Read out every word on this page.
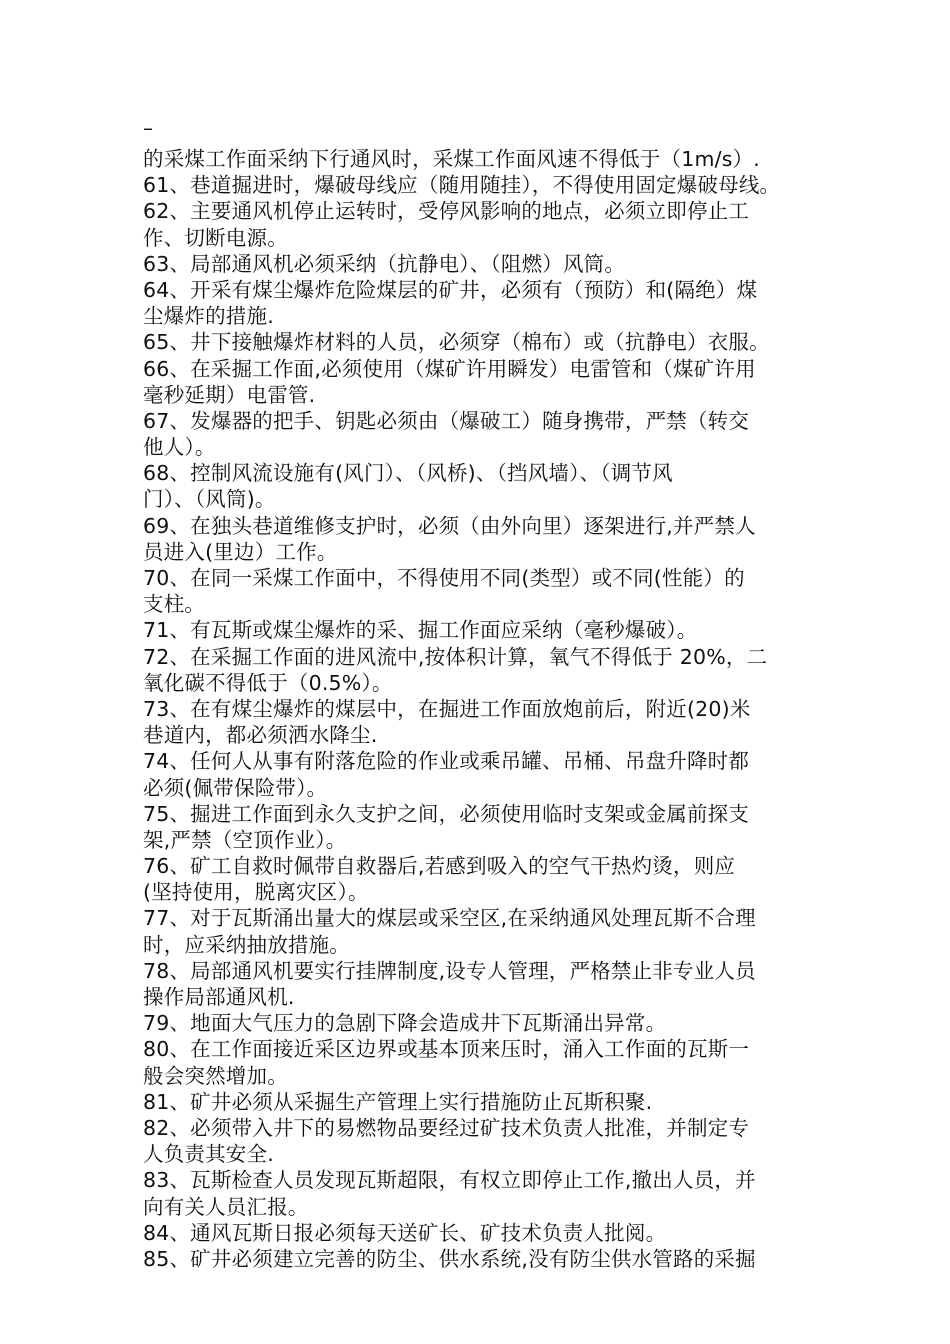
–
的采煤工作面采纳下行通风时，采煤工作面风速不得低于（1m/s）.
61、巷道掘进时，爆破母线应（随用随挂），不得使用固定爆破母线。
62、主要通风机停止运转时，受停风影响的地点，必须立即停止工
作、切断电源。
63、局部通风机必须采纳（抗静电）、（阻燃）风筒。
64、开采有煤尘爆炸危险煤层的矿井，必须有（预防）和(隔绝）煤
尘爆炸的措施.
65、井下接触爆炸材料的人员，必须穿（棉布）或（抗静电）衣服。
66、在采掘工作面,必须使用（煤矿许用瞬发）电雷管和（煤矿许用
毫秒延期）电雷管.
67、发爆器的把手、钥匙必须由（爆破工）随身携带，严禁（转交
他人）。
68、控制风流设施有(风门）、（风桥)、（挡风墙）、（调节风
门）、（风筒)。
69、在独头巷道维修支护时，必须（由外向里）逐架进行,并严禁人
员进入(里边）工作。
70、在同一采煤工作面中，不得使用不同(类型）或不同(性能）的
支柱。
71、有瓦斯或煤尘爆炸的采、掘工作面应采纳（毫秒爆破）。
72、在采掘工作面的进风流中,按体积计算，氧气不得低于 20%，二
氧化碳不得低于（0.5%）。
73、在有煤尘爆炸的煤层中，在掘进工作面放炮前后，附近(20)米
巷道内，都必须洒水降尘.
74、任何人从事有附落危险的作业或乘吊罐、吊桶、吊盘升降时都
必须(佩带保险带）。
75、掘进工作面到永久支护之间，必须使用临时支架或金属前探支
架,严禁（空顶作业）。
76、矿工自救时佩带自救器后,若感到吸入的空气干热灼烫，则应
(坚持使用，脱离灾区）。
77、对于瓦斯涌出量大的煤层或采空区,在采纳通风处理瓦斯不合理
时，应采纳抽放措施。
78、局部通风机要实行挂牌制度,设专人管理，严格禁止非专业人员
操作局部通风机.
79、地面大气压力的急剧下降会造成井下瓦斯涌出异常。
80、在工作面接近采区边界或基本顶来压时，涌入工作面的瓦斯一
般会突然增加。
81、矿井必须从采掘生产管理上实行措施防止瓦斯积聚.
82、必须带入井下的易燃物品要经过矿技术负责人批准，并制定专
人负责其安全.
83、瓦斯检查人员发现瓦斯超限，有权立即停止工作,撤出人员，并
向有关人员汇报。
84、通风瓦斯日报必须每天送矿长、矿技术负责人批阅。
85、矿井必须建立完善的防尘、供水系统,没有防尘供水管路的采掘
